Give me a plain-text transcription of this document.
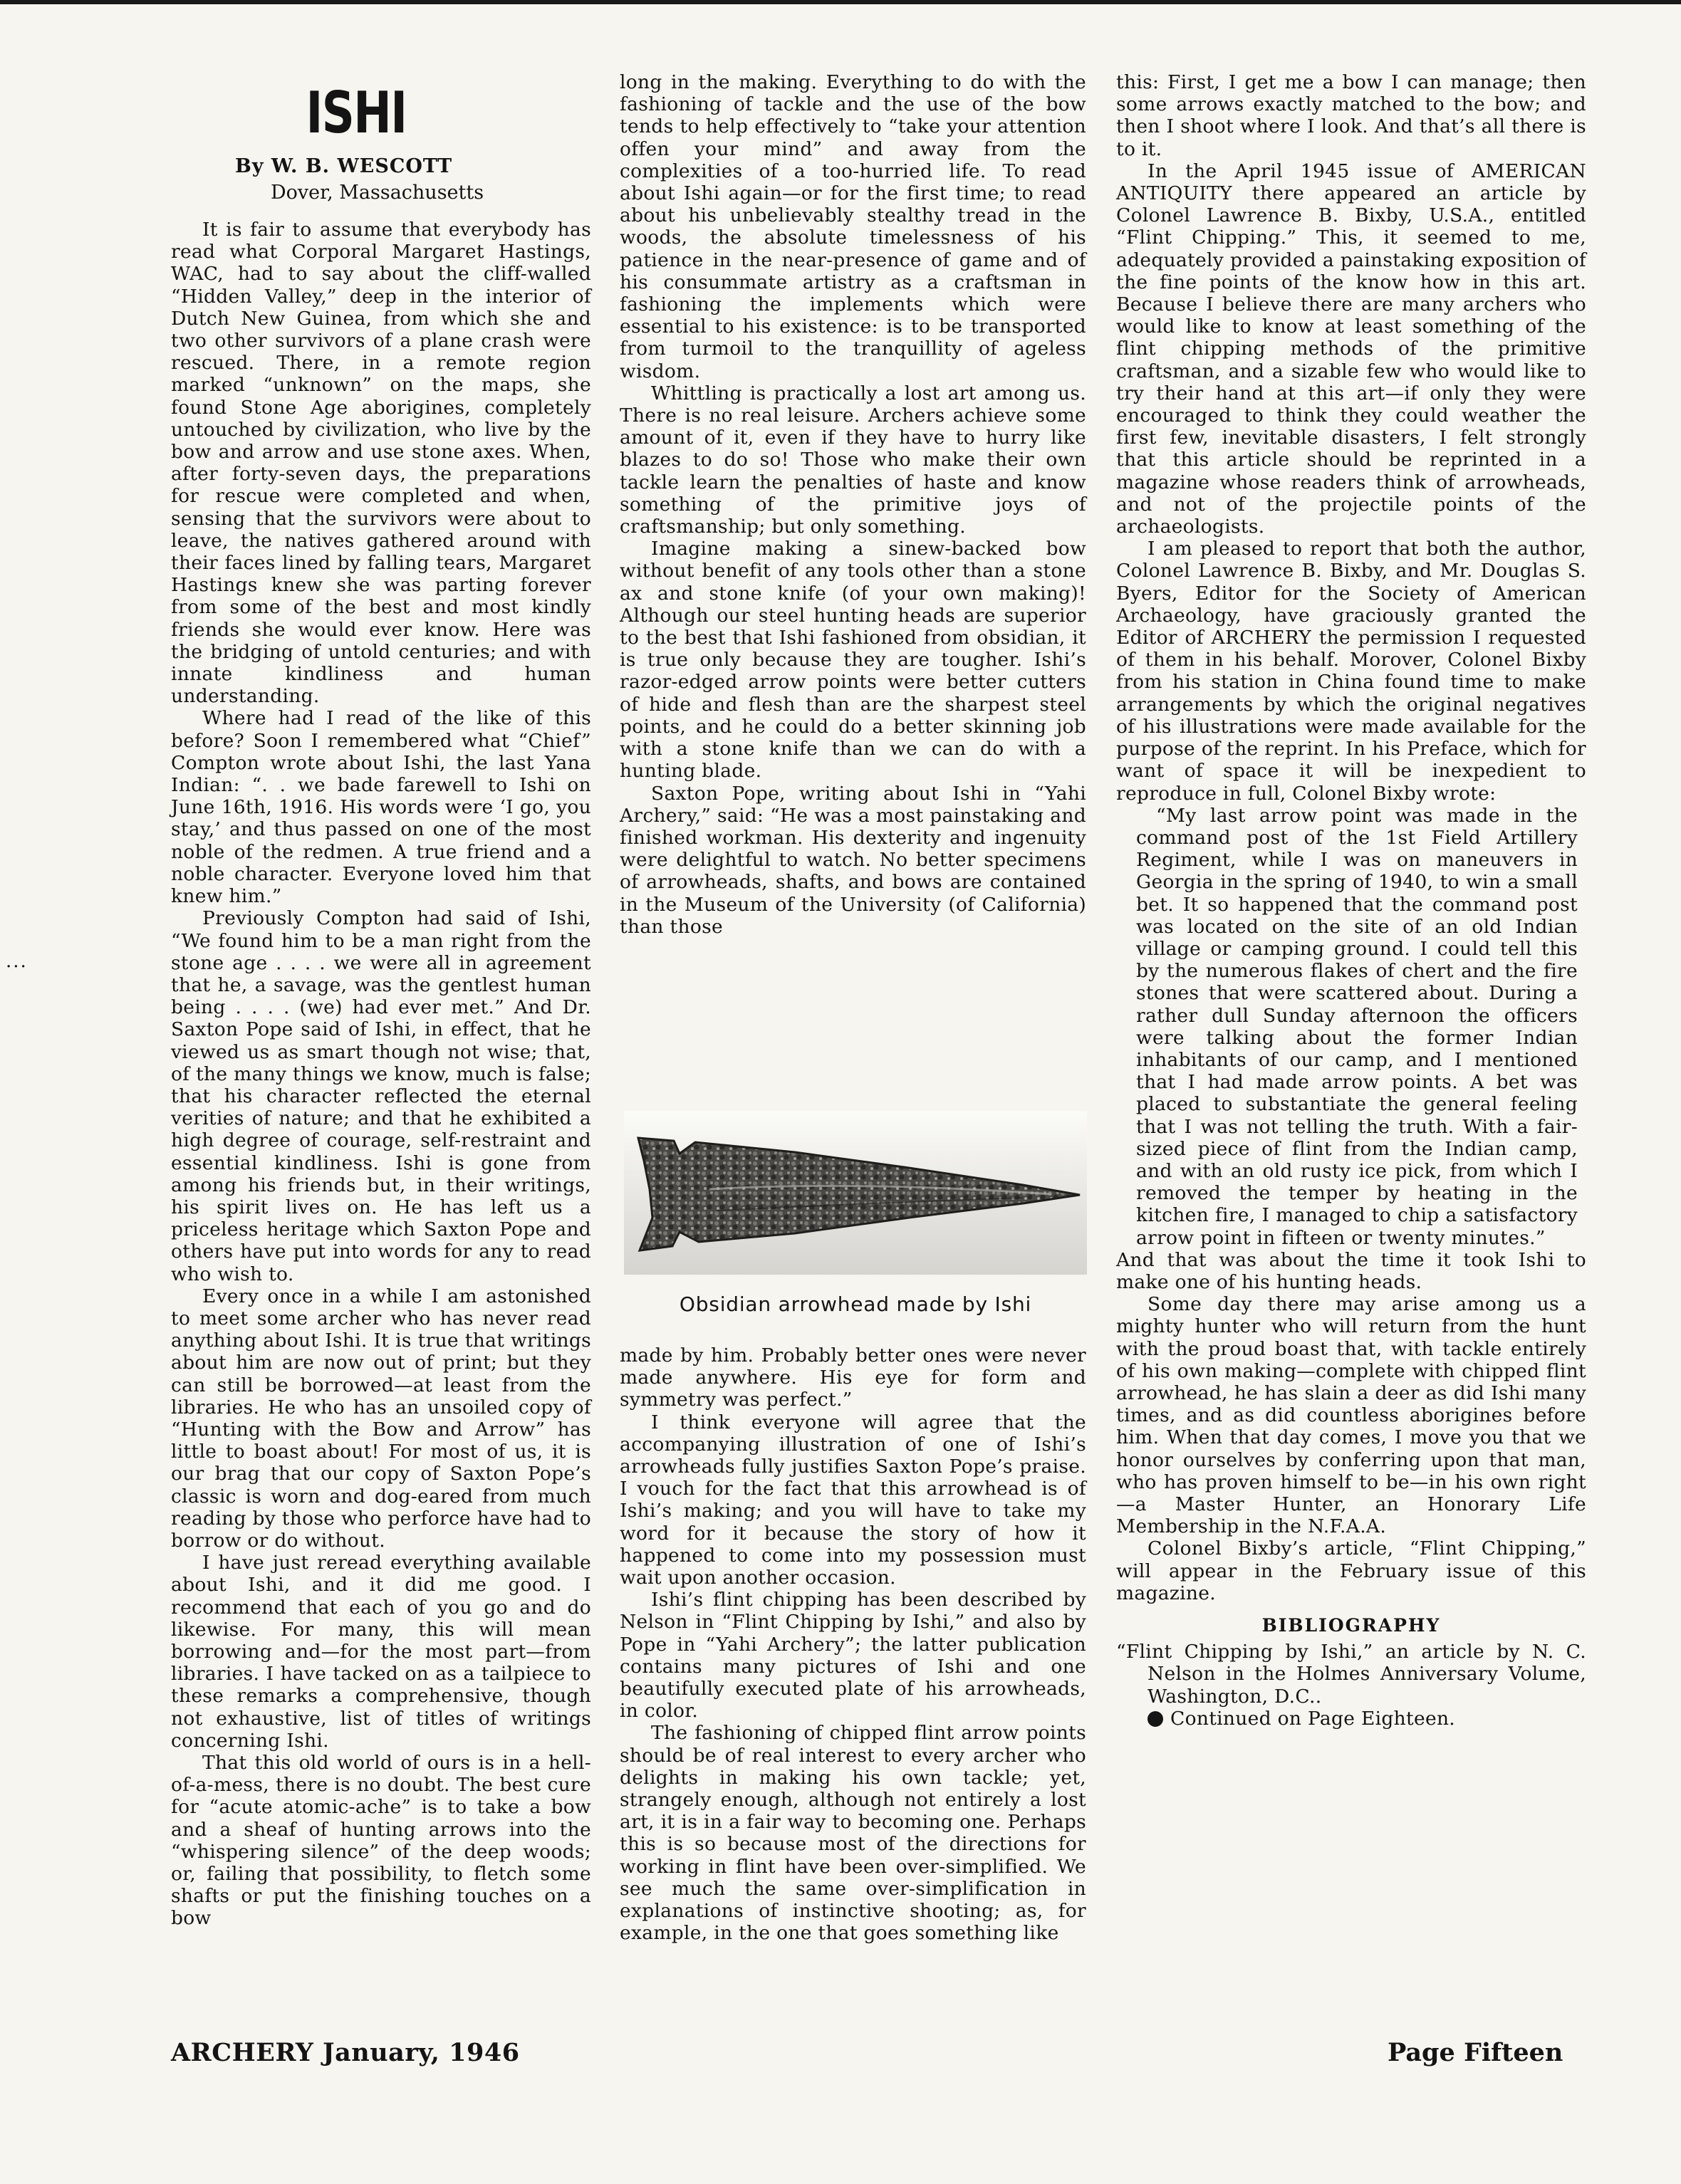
ISHI
By W. B. WESCOTT
Dover, Massachusetts
...

It is fair to assume that everybody has read what Corporal Margaret Hastings, WAC, had to say about the cliff-walled “Hidden Valley,” deep in the interior of Dutch New Guinea, from which she and two other survivors of a plane crash were rescued. There, in a remote region marked “unknown” on the maps, she found Stone Age aborigines, completely untouched by civilization, who live by the bow and arrow and use stone axes. When, after forty-seven days, the preparations for rescue were completed and when, sensing that the survivors were about to leave, the natives gathered around with their faces lined by falling tears, Margaret Hastings knew she was parting forever from some of the best and most kindly friends she would ever know. Here was the bridging of untold centuries; and with innate kindliness and human understanding.

Where had I read of the like of this before? Soon I remembered what “Chief” Compton wrote about Ishi, the last Yana Indian: “. . we bade farewell to Ishi on June 16th, 1916. His words were ‘I go, you stay,’ and thus passed on one of the most noble of the redmen. A true friend and a noble character. Everyone loved him that knew him.”

Previously Compton had said of Ishi, “We found him to be a man right from the stone age . . . . we were all in agreement that he, a savage, was the gentlest human being . . . . (we) had ever met.” And Dr. Saxton Pope said of Ishi, in effect, that he viewed us as smart though not wise; that, of the many things we know, much is false; that his character reflected the eternal verities of nature; and that he exhibited a high degree of courage, self-restraint and essential kindliness. Ishi is gone from among his friends but, in their writings, his spirit lives on. He has left us a priceless heritage which Saxton Pope and others have put into words for any to read who wish to.

Every once in a while I am astonished to meet some archer who has never read anything about Ishi. It is true that writings about him are now out of print; but they can still be borrowed—at least from the libraries. He who has an unsoiled copy of “Hunting with the Bow and Arrow” has little to boast about! For most of us, it is our brag that our copy of Saxton Pope’s classic is worn and dog-eared from much reading by those who perforce have had to borrow or do without.

I have just reread everything available about Ishi, and it did me good. I recommend that each of you go and do likewise. For many, this will mean borrowing and—for the most part—from libraries. I have tacked on as a tailpiece to these remarks a comprehensive, though not exhaustive, list of titles of writings concerning Ishi.

That this old world of ours is in a hell-of-a-mess, there is no doubt. The best cure for “acute atomic-ache” is to take a bow and a sheaf of hunting arrows into the “whispering silence” of the deep woods; or, failing that possibility, to fletch some shafts or put the finishing touches on a bow

long in the making. Everything to do with the fashioning of tackle and the use of the bow tends to help effectively to “take your attention offen your mind” and away from the complexities of a too-hurried life. To read about Ishi again—or for the first time; to read about his unbelievably stealthy tread in the woods, the absolute timelessness of his patience in the near-presence of game and of his consummate artistry as a craftsman in fashioning the implements which were essential to his existence: is to be transported from turmoil to the tranquillity of ageless wisdom.

Whittling is practically a lost art among us. There is no real leisure. Archers achieve some amount of it, even if they have to hurry like blazes to do so! Those who make their own tackle learn the penalties of haste and know something of the primitive joys of craftsmanship; but only something.

Imagine making a sinew-backed bow without benefit of any tools other than a stone ax and stone knife (of your own making)! Although our steel hunting heads are superior to the best that Ishi fashioned from obsidian, it is true only because they are tougher. Ishi’s razor-edged arrow points were better cutters of hide and flesh than are the sharpest steel points, and he could do a better skinning job with a stone knife than we can do with a hunting blade.

Saxton Pope, writing about Ishi in “Yahi Archery,” said: “He was a most painstaking and finished workman. His dexterity and ingenuity were delightful to watch. No better specimens of arrowheads, shafts, and bows are contained in the Museum of the University (of California) than those

Obsidian arrowhead made by Ishi

made by him. Probably better ones were never made anywhere. His eye for form and symmetry was perfect.”

I think everyone will agree that the accompanying illustration of one of Ishi’s arrowheads fully justifies Saxton Pope’s praise. I vouch for the fact that this arrowhead is of Ishi’s making; and you will have to take my word for it because the story of how it happened to come into my possession must wait upon another occasion.

Ishi’s flint chipping has been described by Nelson in “Flint Chipping by Ishi,” and also by Pope in “Yahi Archery”; the latter publication contains many pictures of Ishi and one beautifully executed plate of his arrowheads, in color.

The fashioning of chipped flint arrow points should be of real interest to every archer who delights in making his own tackle; yet, strangely enough, although not entirely a lost art, it is in a fair way to becoming one. Perhaps this is so because most of the directions for working in flint have been over-simplified. We see much the same over-simplification in explanations of instinctive shooting; as, for example, in the one that goes something like

this: First, I get me a bow I can manage; then some arrows exactly matched to the bow; and then I shoot where I look. And that’s all there is to it.

In the April 1945 issue of AMERICAN ANTIQUITY there appeared an article by Colonel Lawrence B. Bixby, U.S.A., entitled “Flint Chipping.” This, it seemed to me, adequately provided a painstaking exposition of the fine points of the know how in this art. Because I believe there are many archers who would like to know at least something of the flint chipping methods of the primitive craftsman, and a sizable few who would like to try their hand at this art—if only they were encouraged to think they could weather the first few, inevitable disasters, I felt strongly that this article should be reprinted in a magazine whose readers think of arrowheads, and not of the projectile points of the archaeologists.

I am pleased to report that both the author, Colonel Lawrence B. Bixby, and Mr. Douglas S. Byers, Editor for the Society of American Archaeology, have graciously granted the Editor of ARCHERY the permission I requested of them in his behalf. Morover, Colonel Bixby from his station in China found time to make arrangements by which the original negatives of his illustrations were made available for the purpose of the reprint. In his Preface, which for want of space it will be inexpedient to reproduce in full, Colonel Bixby wrote:

“My last arrow point was made in the command post of the 1st Field Artillery Regiment, while I was on maneuvers in Georgia in the spring of 1940, to win a small bet. It so happened that the command post was located on the site of an old Indian village or camping ground. I could tell this by the numerous flakes of chert and the fire stones that were scattered about. During a rather dull Sunday afternoon the officers were talking about the former Indian inhabitants of our camp, and I mentioned that I had made arrow points. A bet was placed to substantiate the general feeling that I was not telling the truth. With a fair-sized piece of flint from the Indian camp, and with an old rusty ice pick, from which I removed the temper by heating in the kitchen fire, I managed to chip a satisfactory arrow point in fifteen or twenty minutes.”

And that was about the time it took Ishi to make one of his hunting heads.

Some day there may arise among us a mighty hunter who will return from the hunt with the proud boast that, with tackle entirely of his own making—complete with chipped flint arrowhead, he has slain a deer as did Ishi many times, and as did countless aborigines before him. When that day comes, I move you that we honor ourselves by conferring upon that man, who has proven himself to be—in his own right—a Master Hunter, an Honorary Life Membership in the N.F.A.A.

Colonel Bixby’s article, “Flint Chipping,” will appear in the February issue of this magazine.

BIBLIOGRAPHY

“Flint Chipping by Ishi,” an article by N. C. Nelson in the Holmes Anniversary Volume, Washington, D.C..

Continued on Page Eighteen.

ARCHERY January, 1946	Page Fifteen
